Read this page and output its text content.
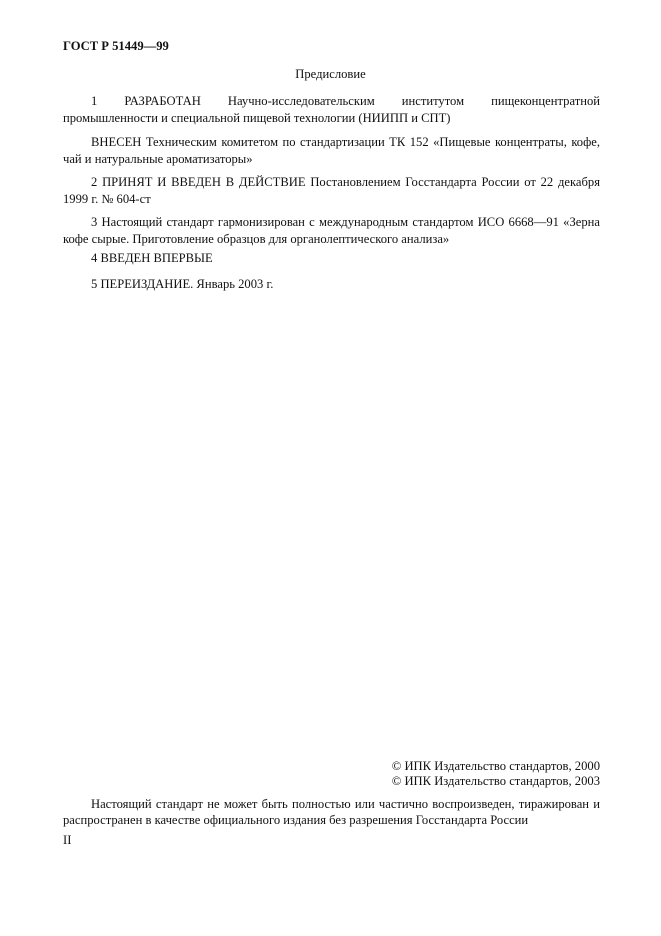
ГОСТ Р 51449—99
Предисловие
1 РАЗРАБОТАН Научно-исследовательским институтом пищеконцентратной промышленности и специальной пищевой технологии (НИИПП и СПТ)
ВНЕСЕН Техническим комитетом по стандартизации ТК 152 «Пищевые концентраты, кофе, чай и натуральные ароматизаторы»
2 ПРИНЯТ И ВВЕДЕН В ДЕЙСТВИЕ Постановлением Госстандарта России от 22 декабря 1999 г. № 604-ст
3 Настоящий стандарт гармонизирован с международным стандартом ИСО 6668—91 «Зерна кофе сырые. Приготовление образцов для органолептического анализа»
4 ВВЕДЕН ВПЕРВЫЕ
5 ПЕРЕИЗДАНИЕ. Январь 2003 г.
© ИПК Издательство стандартов, 2000
© ИПК Издательство стандартов, 2003
Настоящий стандарт не может быть полностью или частично воспроизведен, тиражирован и распространен в качестве официального издания без разрешения Госстандарта России
II
